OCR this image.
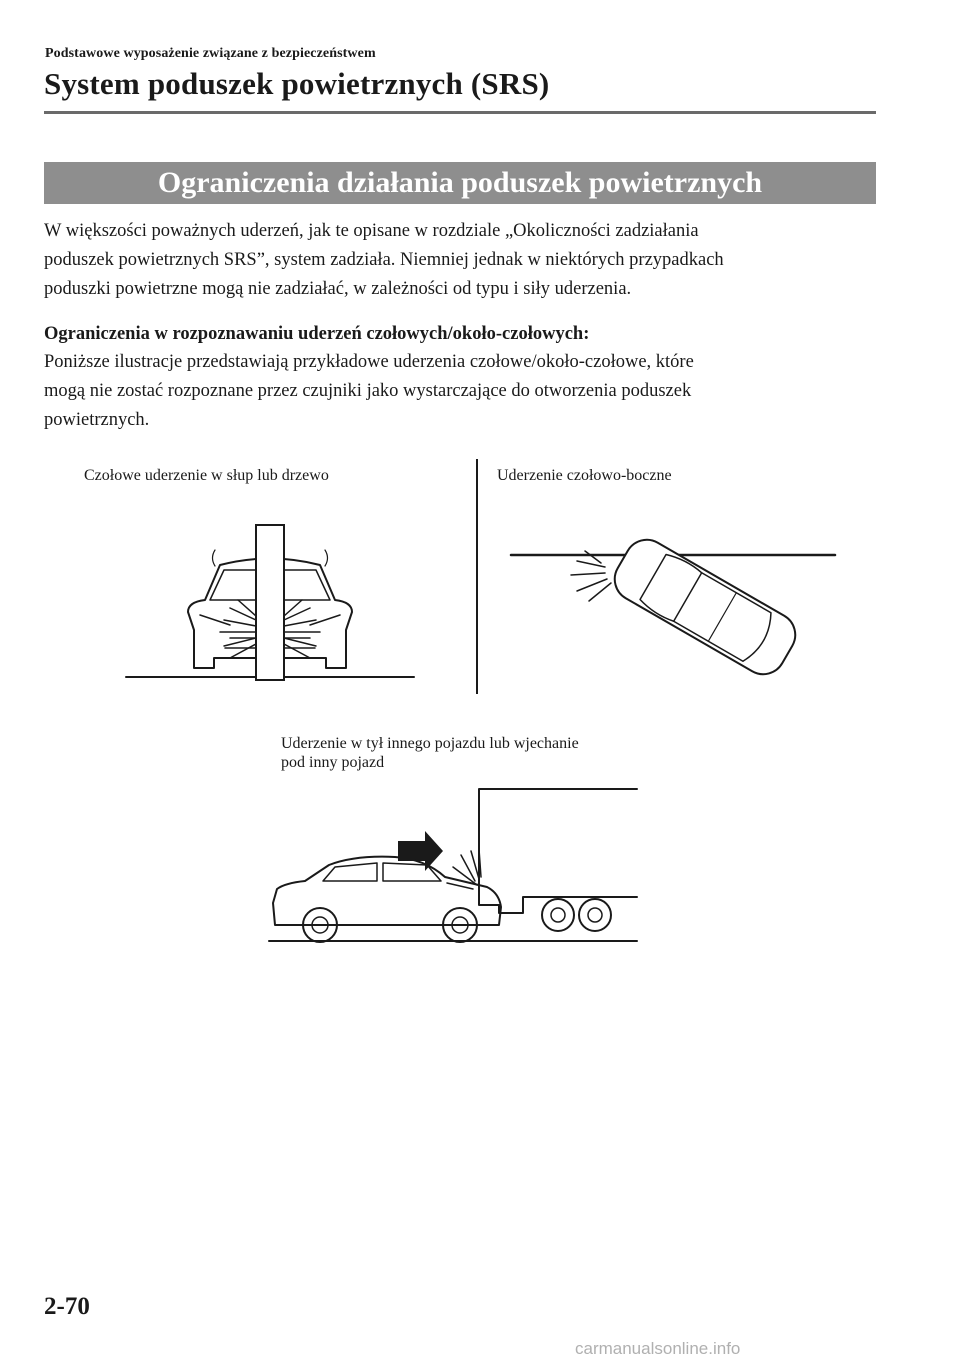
Podstawowe wyposażenie związane z bezpieczeństwem
System poduszek powietrznych (SRS)
Ograniczenia działania poduszek powietrznych

W większości poważnych uderzeń, jak te opisane w rozdziale „Okoliczności zadziałania

poduszek powietrznych SRS”, system zadziała. Niemniej jednak w niektórych przypadkach

poduszki powietrzne mogą nie zadziałać, w zależności od typu i siły uderzenia.

Ograniczenia w rozpoznawaniu uderzeń czołowych/około-czołowych:

Poniższe ilustracje przedstawiają przykładowe uderzenia czołowe/około-czołowe, które

mogą nie zostać rozpoznane przez czujniki jako wystarczające do otworzenia poduszek

powietrznych.

Czołowe uderzenie w słup lub drzewo	Uderzenie czołowo-boczne

Uderzenie w tył innego pojazdu lub wjechanie

pod inny pojazd

2-70
carmanualsonline.info
